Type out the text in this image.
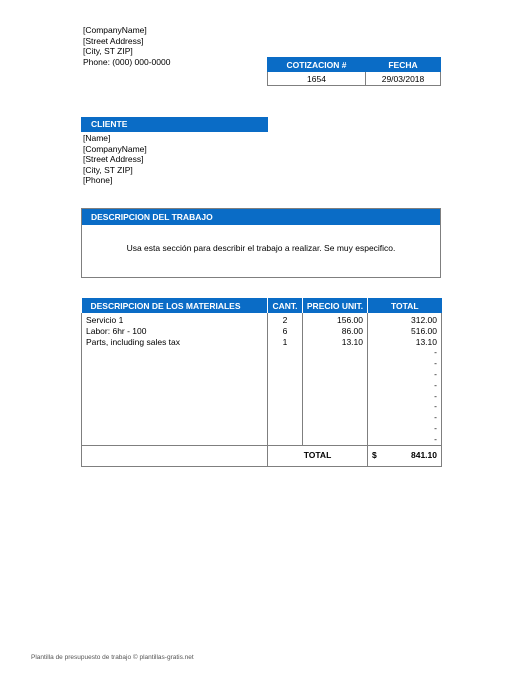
[CompanyName]
[Street Address]
[City, ST ZIP]
Phone: (000) 000-0000	COTIZACION #	FECHA
1654	29/03/2018
CLIENTE
[Name]
[CompanyName]
[Street Address]
[City, ST ZIP]
[Phone]
DESCRIPCION DEL TRABAJO
Usa esta sección para describir el trabajo a realizar. Se muy especifico.
DESCRIPCION DE LOS MATERIALES	CANT.	PRECIO UNIT.	TOTAL
Servicio 1	2	156.00	312.00
Labor: 6hr - 100	6	86.00	516.00
Parts, including sales tax	1	13.10	13.10
			-
			-
			-
			-
			-
			-
			-
			-
			-
	TOTAL		$ 841.10
Plantilla de presupuesto de trabajo © plantillas-gratis.net
